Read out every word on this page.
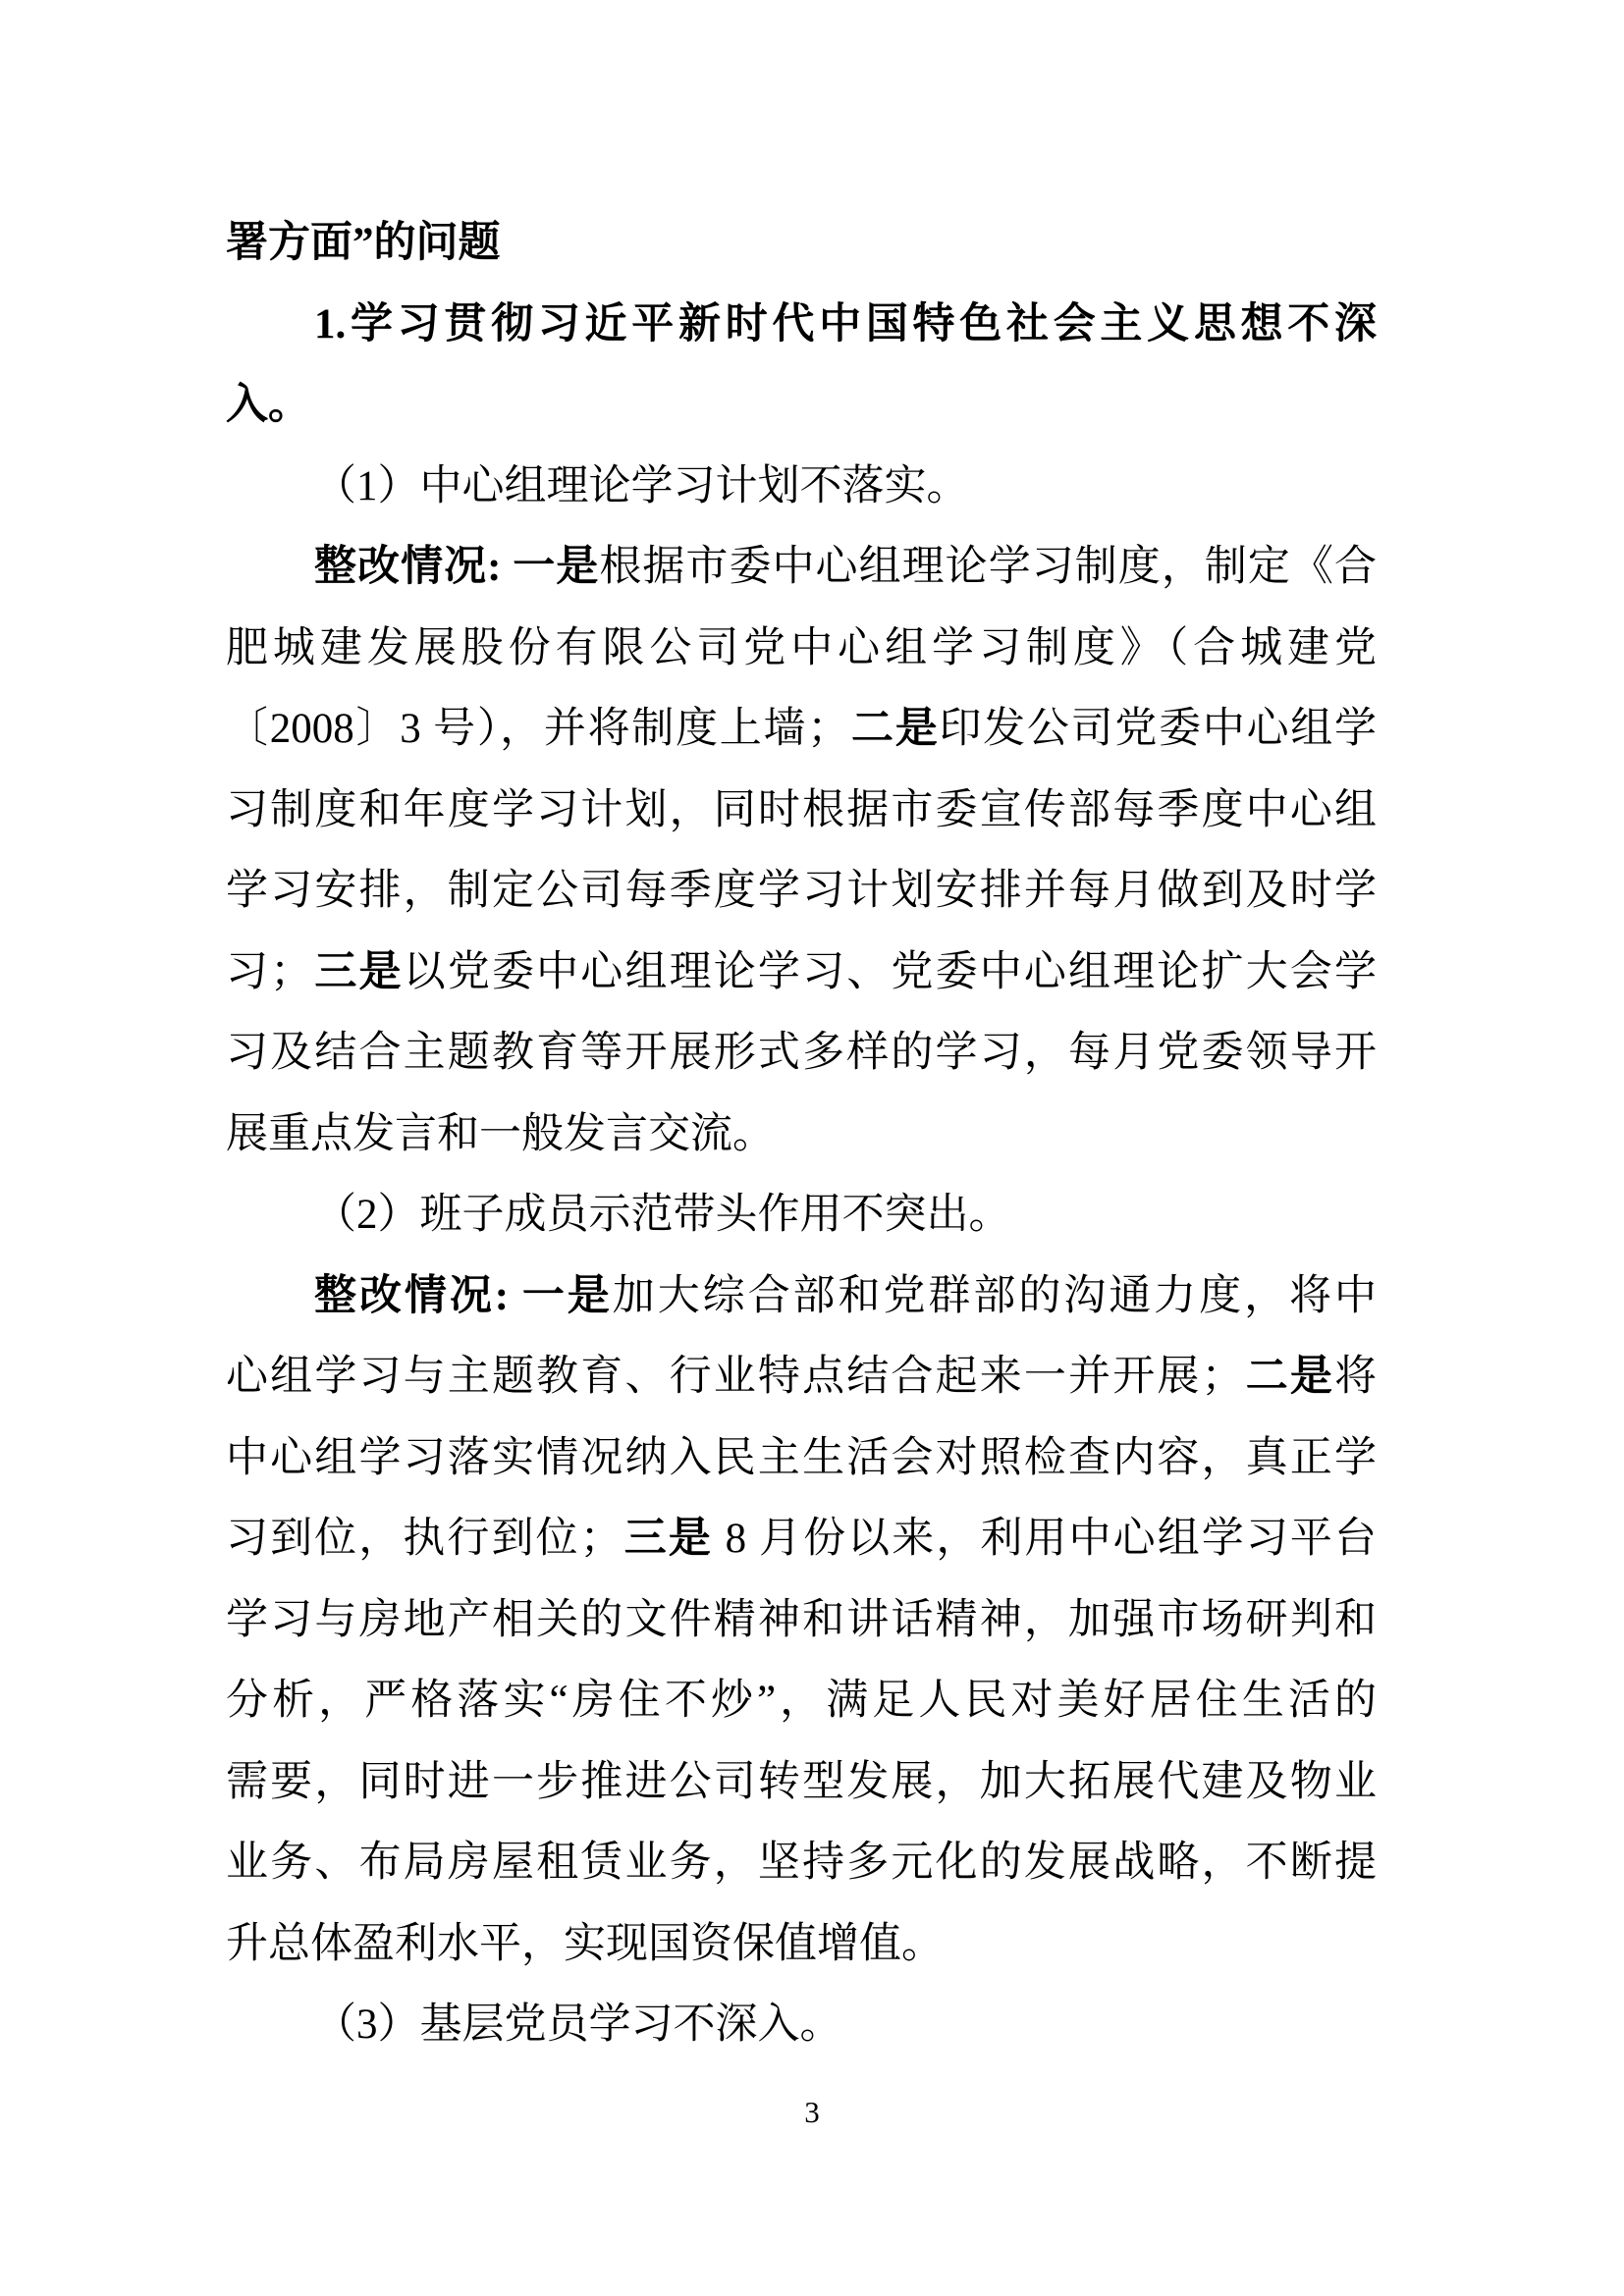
署方面”的问题
1.学习贯彻习近平新时代中国特色社会主义思想不深
入。
（1）中心组理论学习计划不落实。
整改情况: 一是根据市委中心组理论学习制度，制定《合
肥城建发展股份有限公司党中心组学习制度》（合城建党
〔2008〕3 号），并将制度上墙；二是印发公司党委中心组学
习制度和年度学习计划，同时根据市委宣传部每季度中心组
学习安排，制定公司每季度学习计划安排并每月做到及时学
习；三是以党委中心组理论学习、党委中心组理论扩大会学
习及结合主题教育等开展形式多样的学习，每月党委领导开
展重点发言和一般发言交流。
（2）班子成员示范带头作用不突出。
整改情况: 一是加大综合部和党群部的沟通力度，将中
心组学习与主题教育、行业特点结合起来一并开展；二是将
中心组学习落实情况纳入民主生活会对照检查内容，真正学
习到位，执行到位；三是 8 月份以来，利用中心组学习平台
学习与房地产相关的文件精神和讲话精神，加强市场研判和
分析，严格落实“房住不炒”，满足人民对美好居住生活的
需要，同时进一步推进公司转型发展，加大拓展代建及物业
业务、布局房屋租赁业务，坚持多元化的发展战略，不断提
升总体盈利水平，实现国资保值增值。
（3）基层党员学习不深入。
3
